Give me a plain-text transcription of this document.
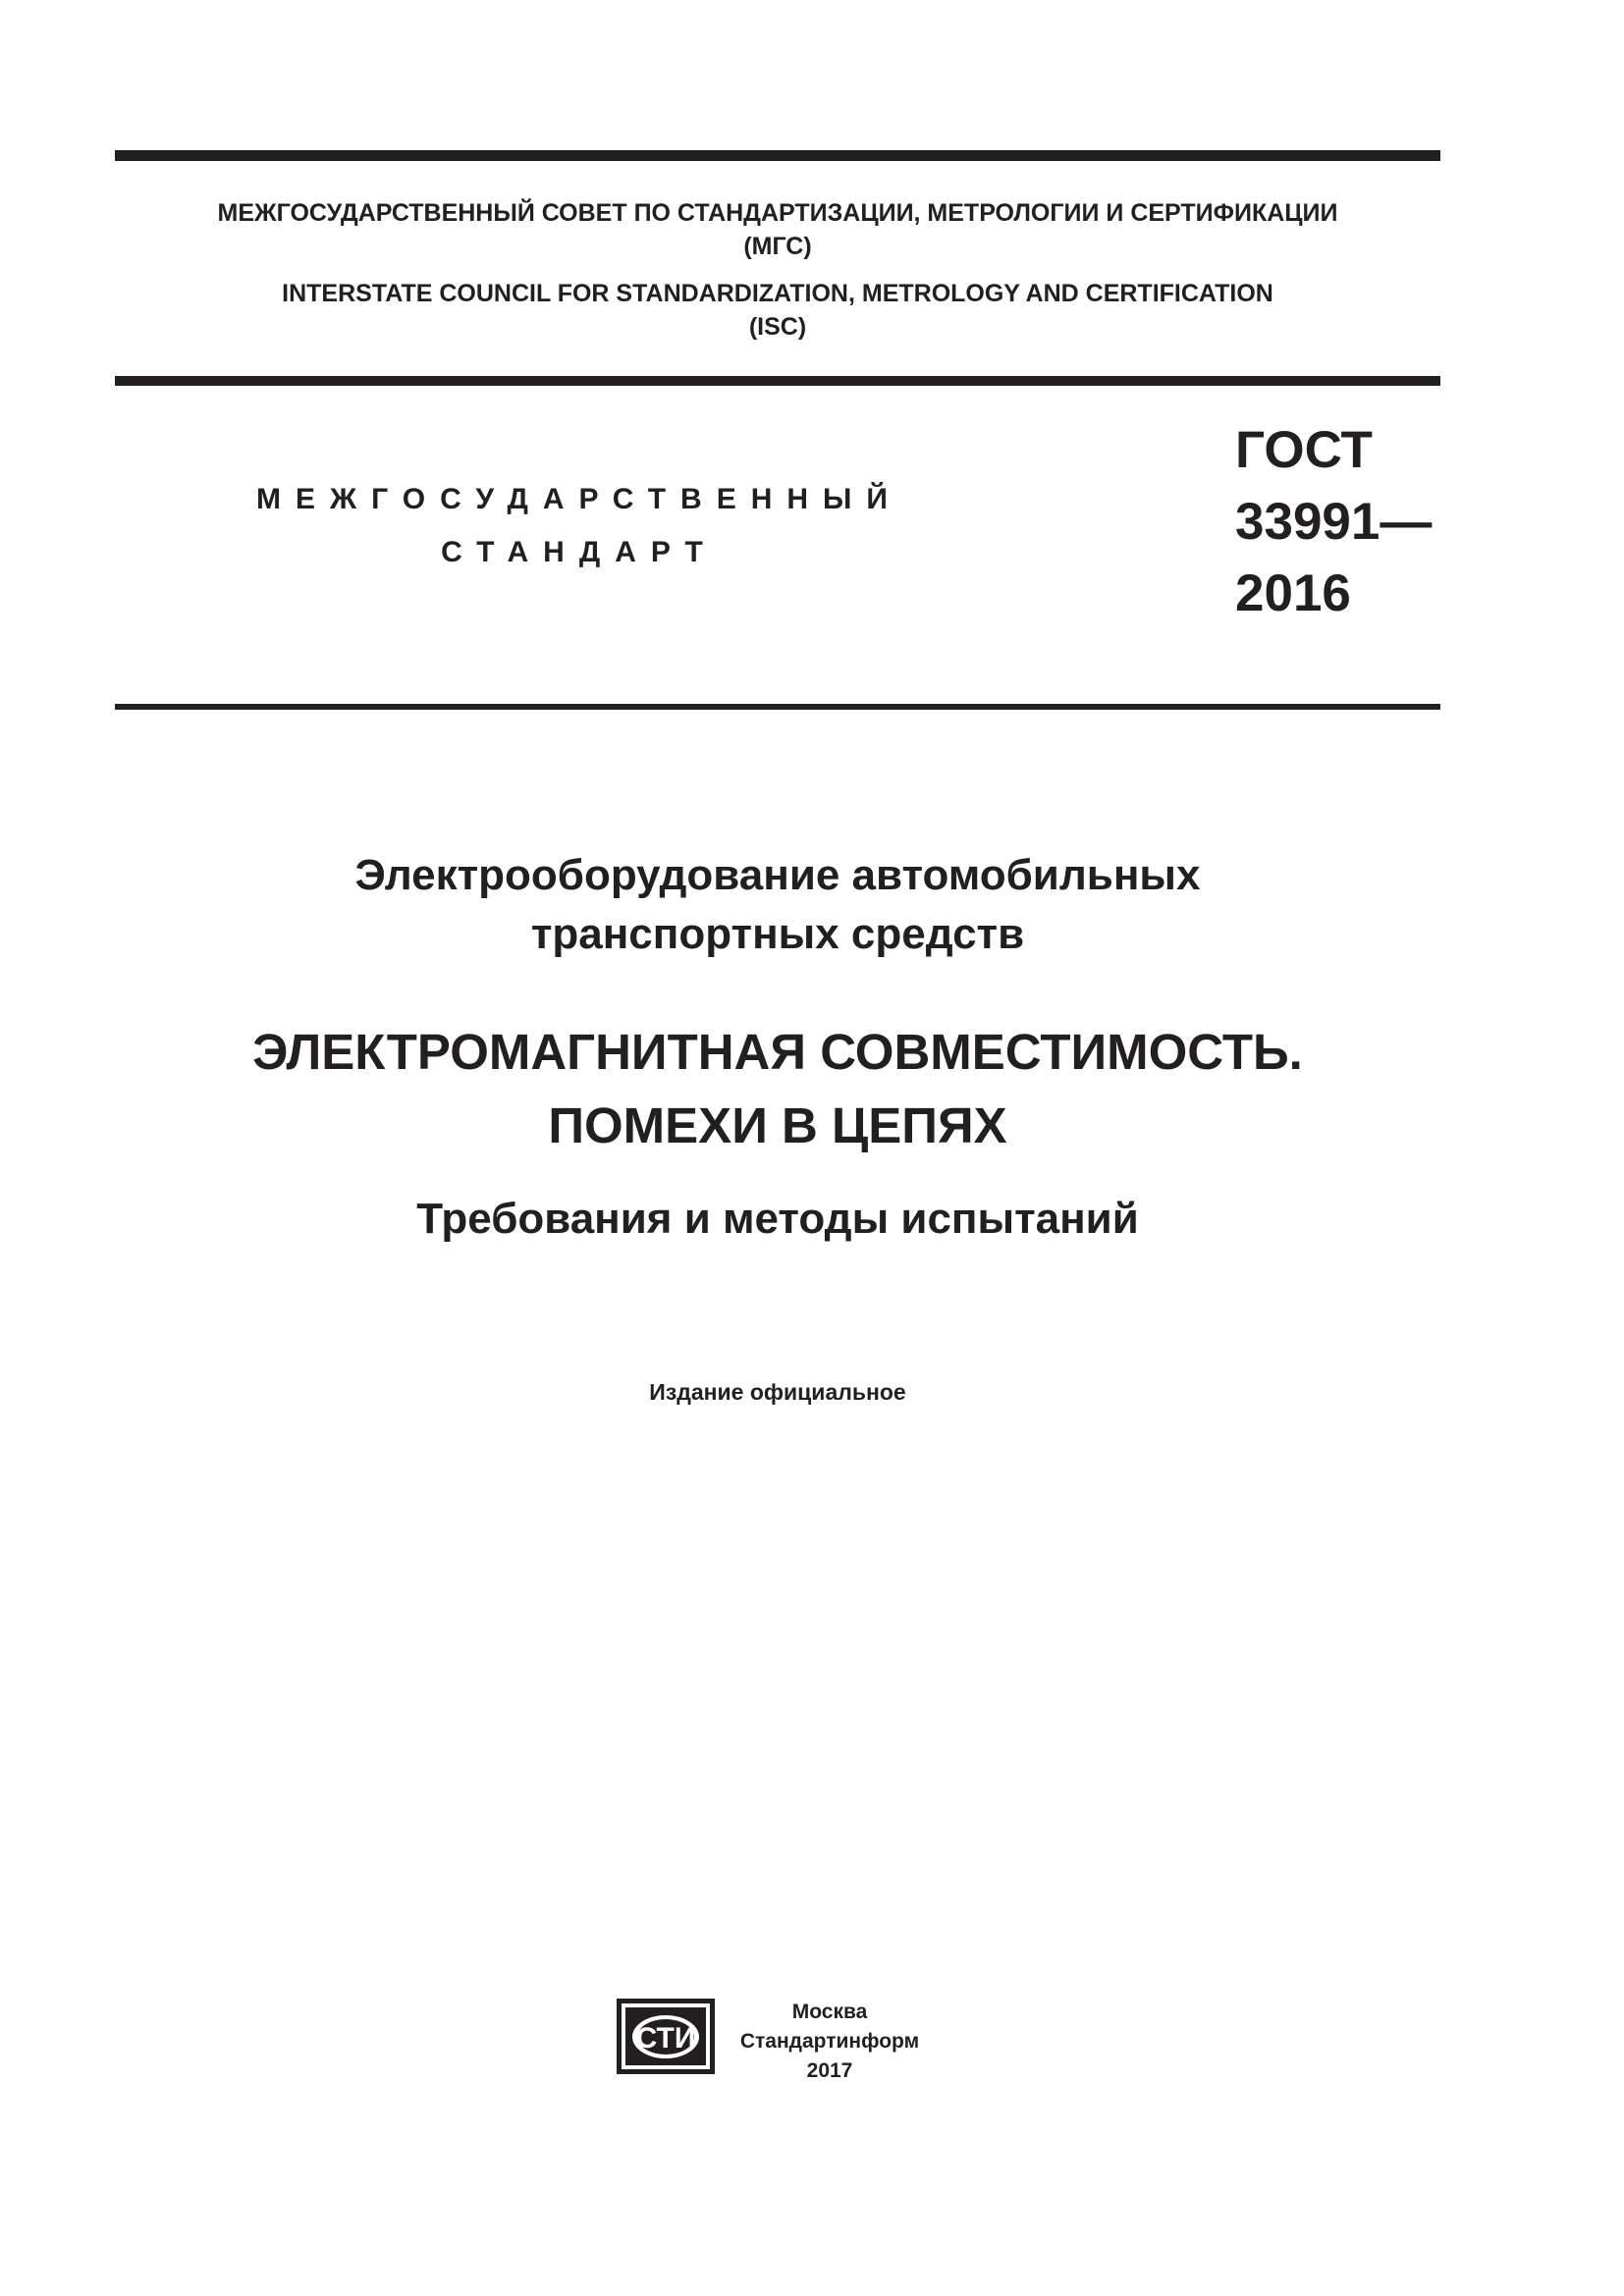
МЕЖГОСУДАРСТВЕННЫЙ СОВЕТ ПО СТАНДАРТИЗАЦИИ, МЕТРОЛОГИИ И СЕРТИФИКАЦИИ
(МГС)
INTERSTATE COUNCIL FOR STANDARDIZATION, METROLOGY AND CERTIFICATION
(ISC)
МЕЖГОСУДАРСТВЕННЫЙ
СТАНДАРТ
ГОСТ
33991—
2016
Электрооборудование автомобильных
транспортных средств
ЭЛЕКТРОМАГНИТНАЯ СОВМЕСТИМОСТЬ.
ПОМЕХИ В ЦЕПЯХ
Требования и методы испытаний
Издание официальное
СТИ
Москва
Стандартинформ
2017
